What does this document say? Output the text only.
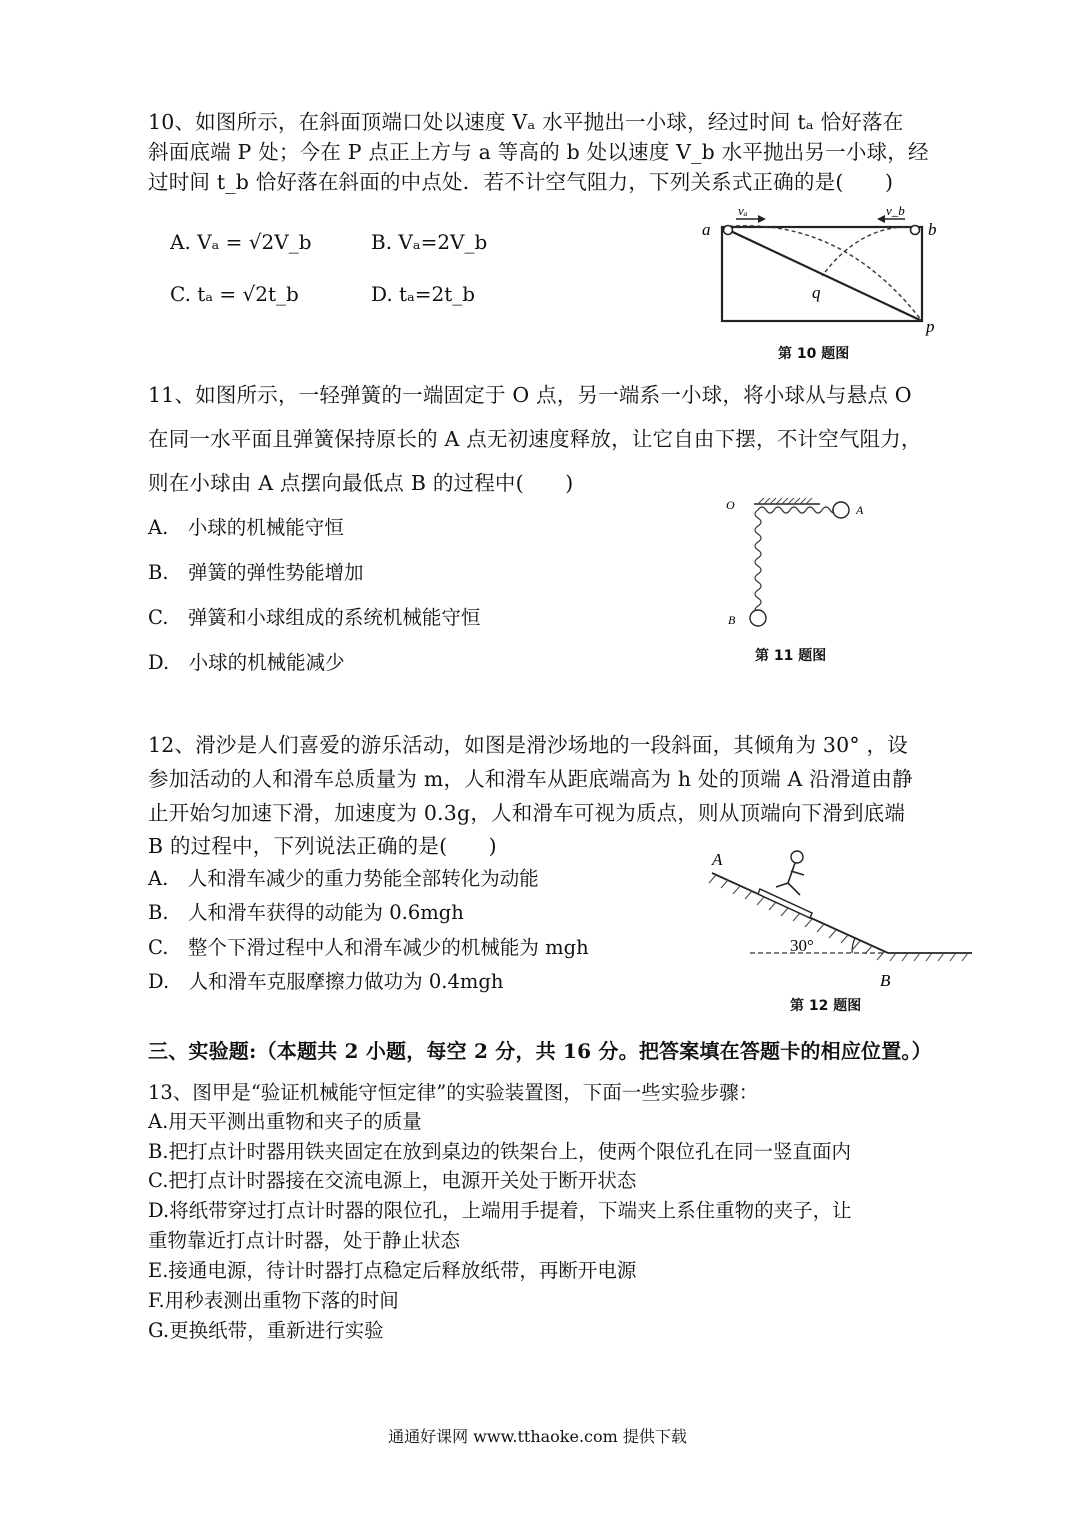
10、如图所示，在斜面顶端口处以速度 Vₐ 水平抛出一小球，经过时间 tₐ 恰好落在
斜面底端 P 处；今在 P 点正上方与 a 等高的 b 处以速度 V_b 水平抛出另一小球，经
过时间 t_b 恰好落在斜面的中点处．若不计空气阻力，下列关系式正确的是(　　)
A. Vₐ = √2V_b	B. Vₐ=2V_b
C. tₐ = √2t_b	D. tₐ=2t_b
a	b
q
p
vₐ	v_b
第 10 题图
11、如图所示，一轻弹簧的一端固定于 O 点，另一端系一小球，将小球从与悬点 O
在同一水平面且弹簧保持原长的 A 点无初速度释放，让它自由下摆，不计空气阻力，
则在小球由 A 点摆向最低点 B 的过程中(　　)
A.　小球的机械能守恒
B.　弹簧的弹性势能增加
C.　弹簧和小球组成的系统机械能守恒
D.　小球的机械能减少
O	A
B
第 11 题图
12、滑沙是人们喜爱的游乐活动，如图是滑沙场地的一段斜面，其倾角为 30° ，设
参加活动的人和滑车总质量为 m，人和滑车从距底端高为 h 处的顶端 A 沿滑道由静
止开始匀加速下滑，加速度为 0.3g，人和滑车可视为质点，则从顶端向下滑到底端
B 的过程中，下列说法正确的是(　　)
A.　人和滑车减少的重力势能全部转化为动能
B.　人和滑车获得的动能为 0.6mgh
C.　整个下滑过程中人和滑车减少的机械能为 mgh
D.　人和滑车克服摩擦力做功为 0.4mgh
A
B
30°
第 12 题图
三、实验题:（本题共 2 小题，每空 2 分，共 16 分。把答案填在答题卡的相应位置。）
13、图甲是“验证机械能守恒定律”的实验装置图，下面一些实验步骤：
A.用天平测出重物和夹子的质量
B.把打点计时器用铁夹固定在放到桌边的铁架台上，使两个限位孔在同一竖直面内
C.把打点计时器接在交流电源上，电源开关处于断开状态
D.将纸带穿过打点计时器的限位孔，上端用手提着，下端夹上系住重物的夹子，让
重物靠近打点计时器，处于静止状态
E.接通电源，待计时器打点稳定后释放纸带，再断开电源
F.用秒表测出重物下落的时间
G.更换纸带，重新进行实验
通通好课网 www.tthaoke.com 提供下载
